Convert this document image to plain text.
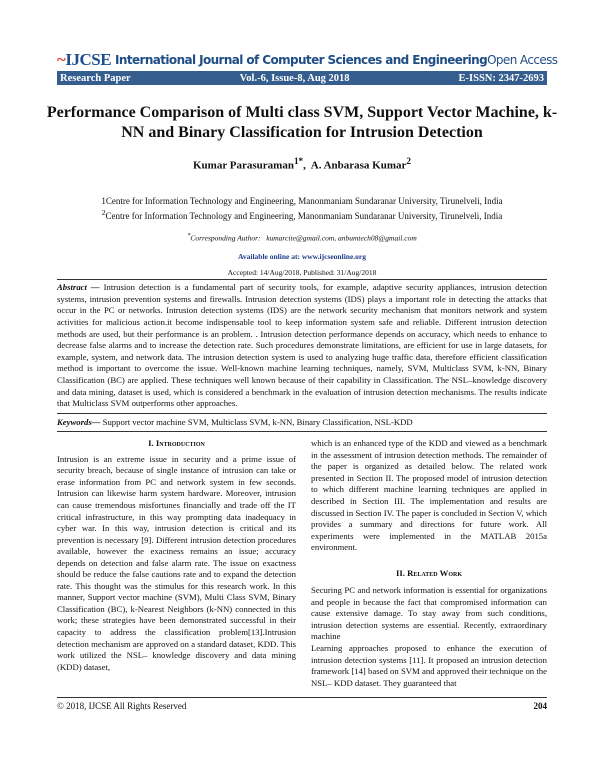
~IJCSE International Journal of Computer Sciences and Engineering Open Access
Research Paper	Vol.-6, Issue-8, Aug 2018	E-ISSN: 2347-2693
Performance Comparison of Multi class SVM, Support Vector Machine, k-NN and Binary Classification for Intrusion Detection
Kumar Parasuraman$^{1*}$,  A. Anbarasa Kumar$^2$
1Centre for Information Technology and Engineering, Manonmaniam Sundaranar University, Tirunelveli, India
$^2$Centre for Information Technology and Engineering, Manonmaniam Sundaranar University, Tirunelveli, India
*Corresponding Author: kumarcite@gmail.com, anbumtech08@gmail.com
Available online at: www.ijcseonline.org
Accepted: 14/Aug/2018, Published: 31/Aug/2018
Abstract — Intrusion detection is a fundamental part of security tools, for example, adaptive security appliances, intrusion detection systems, intrusion prevention systems and firewalls. Intrusion detection systems (IDS) plays a important role in detecting the attacks that occur in the PC or networks. Intrusion detection systems (IDS) are the network security mechanism that monitors network and system activities for malicious action.it become indispensable tool to keep information system safe and reliable. Different intrusion detection methods are used, but their performance is an problem. . Intrusion detection performance depends on accuracy, which needs to enhance to decrease false alarms and to increase the detection rate. Such procedures demonstrate limitations, are efficient for use in large datasets, for example, system, and network data. The intrusion detection system is used to analyzing huge traffic data, therefore efficient classification method is important to overcome the issue. Well-known machine learning techniques, namely, SVM, Multiclass SVM, k-NN, Binary Classification (BC) are applied. These techniques well known because of their capability in Classification. The NSL–knowledge discovery and data mining, dataset is used, which is considered a benchmark in the evaluation of intrusion detection mechanisms. The results indicate that Multiclass SVM outperforms other approaches.
Keywords— Support vector machine SVM, Multiclass SVM, k-NN, Binary Classification, NSL-KDD
I. Introduction

Intrusion is an extreme issue in security and a prime issue of security breach, because of single instance of intrusion can take or erase information from PC and network system in few seconds. Intrusion can likewise harm system hardware. Moreover, intrusion can cause tremendous misfortunes financially and trade off the IT critical infrastructure, in this way prompting data inadequacy in cyber war. In this way, intrusion detection is critical and its prevention is necessary [9]. Different intrusion detection procedures available, however the exactness remains an issue; accuracy depends on detection and false alarm rate. The issue on exactness should be reduce the false cautions rate and to expand the detection rate. This thought was the stimulus for this research work. In this manner, Support vector machine (SVM), Multi Class SVM, Binary Classification (BC), k-Nearest Neighbors (k-NN) connected in this work; these strategies have been demonstrated successful in their capacity to address the classification problem[13].Intrusion detection mechanism are approved on a standard dataset, KDD. This work utilized the NSL– knowledge discovery and data mining (KDD) dataset,

which is an enhanced type of the KDD and viewed as a benchmark in the assessment of intrusion detection methods. The remainder of the paper is organized as detailed below. The related work presented in Section II. The proposed model of intrusion detection to which different machine learning techniques are applied in described in Section III. The implementation and results are discussed in Section IV. The paper is concluded in Section V, which provides a summary and directions for future work. All experiments were implemented in the MATLAB 2015a environment.

II. Related Work

Securing PC and network information is essential for organizations and people in because the fact that compromised information can cause extensive damage. To stay away from such conditions, intrusion detection systems are essential. Recently, extraordinary machine

Learning approaches proposed to enhance the execution of intrusion detection systems [11]. It proposed an intrusion detection framework [14] based on SVM and approved their technique on the NSL– KDD dataset. They guaranteed that

© 2018, IJCSE All Rights Reserved	204
